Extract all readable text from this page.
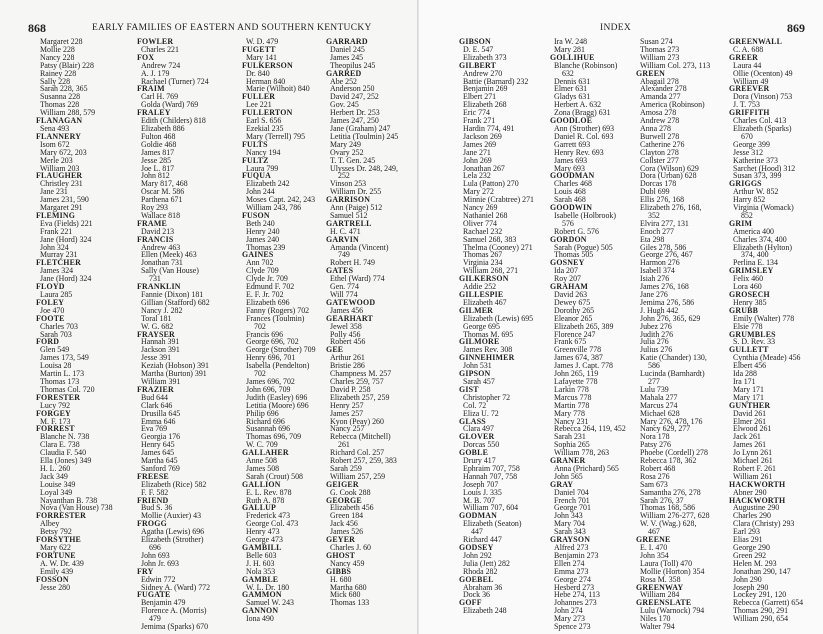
868	EARLY FAMILIES OF EASTERN AND SOUTHERN KENTUCKY
Margaret 228
Mollie 228
Nancy 228
Patsy (Blair) 228
Rainey 228
Sally 228
Sarah 228, 365
Susanna 228
Thomas 228
William 288, 579
FLANAGAN
Sena 493
FLANNERY
Isom 672
Mary 672, 203
Merle 203
William 203
FLAUGHER
Christley 231
Jane 231
James 231, 590
Margaret 291
FLEMING
Eva (Fields) 221
Frank 221
Jane (Hord) 324
John 324
Murray 231
FLETCHER
James 324
Jane (Hord) 324
FLOYD
Laura 285
FOLEY
Joe 470
FOOTE
Charles 703
Sarah 703
FORD
Glen 549
James 173, 549
Louisa 28
Martin L. 173
Thomas 173
Thomas Col. 720
FORESTER
Lucy 792
FORGEY
M. F. 173
FORREST
Blanche N. 738
Clara E. 738
Claudia F. 540
Ella (Jones) 349
H. L. 260
Jack 349
Louise 349
Loyal 349
Nayanthan B. 738
Nova (Van House) 738
FORRESTER
Albey
Betsy 792
FORSYTHE
Mary 622
FORTUNE
A. W. Dr. 439
Emily 439
FOSSON
Jesse 280
FOWLER
Charles 221
FOX
Andrew 724
A. J. 179
Rachael (Turner) 724
FRAIM
Carl H. 769
Golda (Ward) 769
FRALEY
Edith (Childers) 818
Elizabeth 886
Fulton 468
Goldie 468
James 817
Jesse 285
Joe L. 817
John 812
Mary 817, 468
Oscar M. 586
Parthena 671
Roy 293
Wallace 818
FRAME
David 213
FRANCIS
Andrew 463
Ellen (Meek) 463
Jonathan 731
Sally (Van House)
731
FRANKLIN
Fannie (Dixon) 181
Gillian (Stafford) 682
Nancy J. 282
Toral 181
W. G. 682
FRAYSER
Hannah 391
Jackson 391
Jesse 391
Keziah (Hobson) 391
Martha (Burton) 391
William 391
FRAZIER
Bud 644
Clark 646
Drusilla 645
Emma 646
Eva 769
Georgia 176
Henry 645
James 645
Martha 645
Sanford 769
FREESE
Elizabeth (Rice) 582
F. F. 582
FRIEND
Bud S. 36
Mollie (Auxier) 43
FROGG
Agatha (Lewis) 696
Elizabeth (Strother)
696
John 693
John Jr. 693
FRY
Edwin 772
Sidney A. (Ward) 772
FUGATE
Benjamin 479
Florence A. (Morris)
479
Jemima (Sparks) 670
W. D. 479
FUGETT
Mary 141
FULKERSON
Dr. 840
Herman 840
Marie (Wilhoit) 840
FULLER
Lee 221
FULLERTON
Earl S. 656
Ezekial 235
Mary (Terrell) 795
FULTS
Nancy 194
FULTZ
Laura 799
FUQUA
Elizabeth 242
John 244
Moses Capt. 242, 243
William 243, 786
FUSON
Beth 240
Henry 240
James 240
Thomas 239
GAINES
Ann 702
Clyde 709
Clyde Jr. 709
Edmund F. 702
E. F. Jr. 702
Elizabeth 696
Fanny (Rogers) 702
Frances (Toulmin)
702
Francis 696
George 696, 702
George (Strother) 709
Henry 696, 701
Isabella (Pendelton)
702
James 696, 702
John 696, 709
Judith (Easley) 696
Letitia (Moore) 696
Philip 696
Richard 696
Susannah 696
Thomas 696, 709
W. C. 709
GALLAHER
Anne 508
James 508
Sarah (Crout) 508
GALLION
E. L. Rev. 878
Ruth A. 878
GALLUP
Frederick 473
George Col. 473
Henry 473
George 473
GAMBILL
Belle 603
J. H. 603
Nola 353
GAMBLE
W. L. Dr. 180
GAMMON
Samuel W. 243
GANNON
Iona 490
GARRARD
Daniel 245
James 245
Theopilus 245
GARRED
Abe 252
Anderson 250
David 247, 252
Gov. 245
Herbert Dr. 253
James 247, 250
Jane (Graham) 247
Letitia (Toulmin) 245
Mary 249
Ovary 252
T. T. Gen. 245
Ulysses Dr. 248, 249,
252
Vinson 253
William Dr. 255
GARRISON
Ann (Paige) 512
Samuel 512
GARTRELL
H. C. 471
GARVIN
Amanda (Vincent)
749
Robert H. 749
GATES
Ethel (Ward) 774
Gen. 774
Will 774
GATEWOOD
James 456
GEARHART
Jewel 358
Polly 456
Robert 456
GEE
Arthur 261
Bristie 286
Champness M. 257
Charles 259, 757
David P. 258
Elizabeth 257, 259
Henry 257
James 257
Kyon (Peay) 260
Nancy 257
Rebecca (Mitchell)
261
Richard Col. 257
Robert 257, 259, 383
Sarah 259
William 257, 259
GEIGER
G. Cook 288
GEORGE
Elizabeth 456
Green 184
Jack 456
James 526
GEYER
Charles J. 60
GHOST
Nancy 459
GIBBS
H. 680
Martha 680
Mick 680
Thomas 133
INDEX	869
GIBSON
D. E. 547
Elizabeth 373
GILBERT
Andrew 270
Battie (Barnard) 232
Benjamin 269
Elbert 271
Elizabeth 268
Eric 774
Frank 271
Hardin 774, 491
Jackson 269
James 269
Jane 271
John 269
Jonathan 267
Lela 232
Lula (Patton) 270
Mary 272
Minnie (Crabtree) 271
Nancy 269
Nathaniel 268
Oliver 774
Rachael 232
Samuel 268, 383
Thelma (Cooney) 271
Thomas 267
Virginia 234
William 268, 271
GILKERSON
Addie 252
GILLESPIE
Elizabeth 467
GILMER
Elizabeth (Lewis) 695
George 695
Thomas M. 695
GILMORE
James Rev. 308
GINNEHIMER
John 531
GIPSON
Sarah 457
GIST
Christopher 72
Col. 72
Eliza U. 72
GLASS
Clara 497
GLOVER
Dorcas 550
GOBLE
Drury 417
Ephraim 707, 758
Hannah 707, 758
Joseph 707
Louis J. 335
M. B. 707
William 707, 604
GODMAN
Elizabeth (Seaton)
447
Richard 447
GODSEY
John 292
Julia (Jett) 282
Rhoda 282
GOEBEL
Abraham 36
Dock 36
GOFF
Elizabeth 248
Ira W. 248
Mary 281
GOLLIHUE
Blanche (Robinson)
632
Dennis 631
Elmer 631
Gladys 631
Herbert A. 632
Zona (Bragg) 631
GOODLOE
Ann (Strother) 693
Daniel R. Col. 693
Garrett 693
Henry Rev. 693
James 693
Mary 693
GOODMAN
Charles 468
Louis 468
Sarah 468
GOODWIN
Isabelle (Holbrook)
576
Robert G. 576
GORDON
Sarah (Pogue) 505
Thomas 505
GOSNEY
Ida 207
Roy 207
GRAHAM
David 263
Dewey 675
Dorothy 265
Eleanor 265
Elizabeth 265, 389
Florence 247
Frank 675
Greenville 778
James 674, 387
James J. Capt. 778
John 265, 119
Lafayette 778
Larkin 778
Marcus 778
Martin 778
Mary 778
Nancy 231
Rebecca 264, 119, 452
Sarah 231
Sophia 265
William 778, 263
GRANER
Anna (Prichard) 565
John 565
GRAY
Daniel 704
French 701
George 701
John 343
Mary 704
Sarah 343
GRAYSON
Alfred 273
Benjamin 273
Ellen 274
Emma 273
George 274
Hesberd 273
Hebe 274, 113
Johannes 273
John 274
Mary 273
Spence 273
Susan 274
Thomas 273
William 273
William Col. 273, 113
GREEN
Abagail 278
Alexander 278
Amanda 277
America (Robinson)
Amosa 278
Andrew 278
Anna 278
Burwell 278
Catherine 276
Clayton 278
Collster 277
Cora (Wilson) 629
Dora (Urban) 628
Dorcas 178
Dubl 699
Ellis 276, 168
Elizabeth 276, 168,
352
Elvira 277, 131
Enoch 277
Eta 298
Giles 278, 586
George 276, 467
Harmon 276
Isabell 374
Isiah 276
James 276, 168
Jane 276
Jemima 276, 586
J. Hugh 442
John 276, 365, 629
Jubez 276
Judith 276
Julia 276
Julius 276
Katie (Chander) 130,
586
Lucinda (Barnhardt)
277
Lulu 739
Mahala 277
Marcus 274
Michael 628
Mary 276, 478, 176
Nancy 629, 277
Nora 178
Patsy 276
Phoebe (Cordell) 278
Rebecca 178, 362
Robert 468
Rosa 276
Sam 673
Samantha 276, 278
Sarah 276, 37
Thomas 168, 586
William 276-277, 628
W. V. (Wag.) 628,
467
GREENE
E. I. 470
John 354
Laura (Toll) 470
Mollie (Horton) 354
Rosa M. 358
GREENWAY
William 284
GREENSLATE
Lulu (Warnock) 794
Niles 170
Walter 794
GREENWALL
C. A. 688
GREER
Laura 44
Ollie (Ocenton) 49
William 49
GREEVER
Dora (Vinson) 753
J. T. 753
GRIFFITH
Charles Col. 413
Elizabeth (Sparks)
670
George 399
Jesse 312
Katherine 373
Sarchet (Hood) 312
Susan 373, 399
GRIGGS
Arthur W. 852
Harry 852
Virginia (Womack)
852
GRIM
America 400
Charles 374, 400
Elizabeth (Hylton)
374, 400
Perlina E. 134
GRIMSLEY
Felix 460
Lora 460
GROSECH
Henry 385
GRUBB
Emily (Walter) 778
Elsie 778
GRUMBLES
S. D. Rev. 33
GULLETT
Cynthia (Meade) 456
Elbert 456
Ida 288
Ira 171
Mary 171
Mary 171
GUNTHER
David 261
Elmer 261
Elwood 261
Jack 261
James 261
Jo Lynn 261
Michael 261
Robert F. 261
William 261
HACKWORTH
Abner 290
HACKWORTH
Augustine 290
Charles 290
Clara (Christy) 293
Earl 293
Elias 291
George 290
Green 292
Helen M. 293
Jonathan 290, 147
John 290
Joseph 290
Lockey 291, 120
Rebecca (Garrett) 654
Thomas 290, 291
William 290, 654
